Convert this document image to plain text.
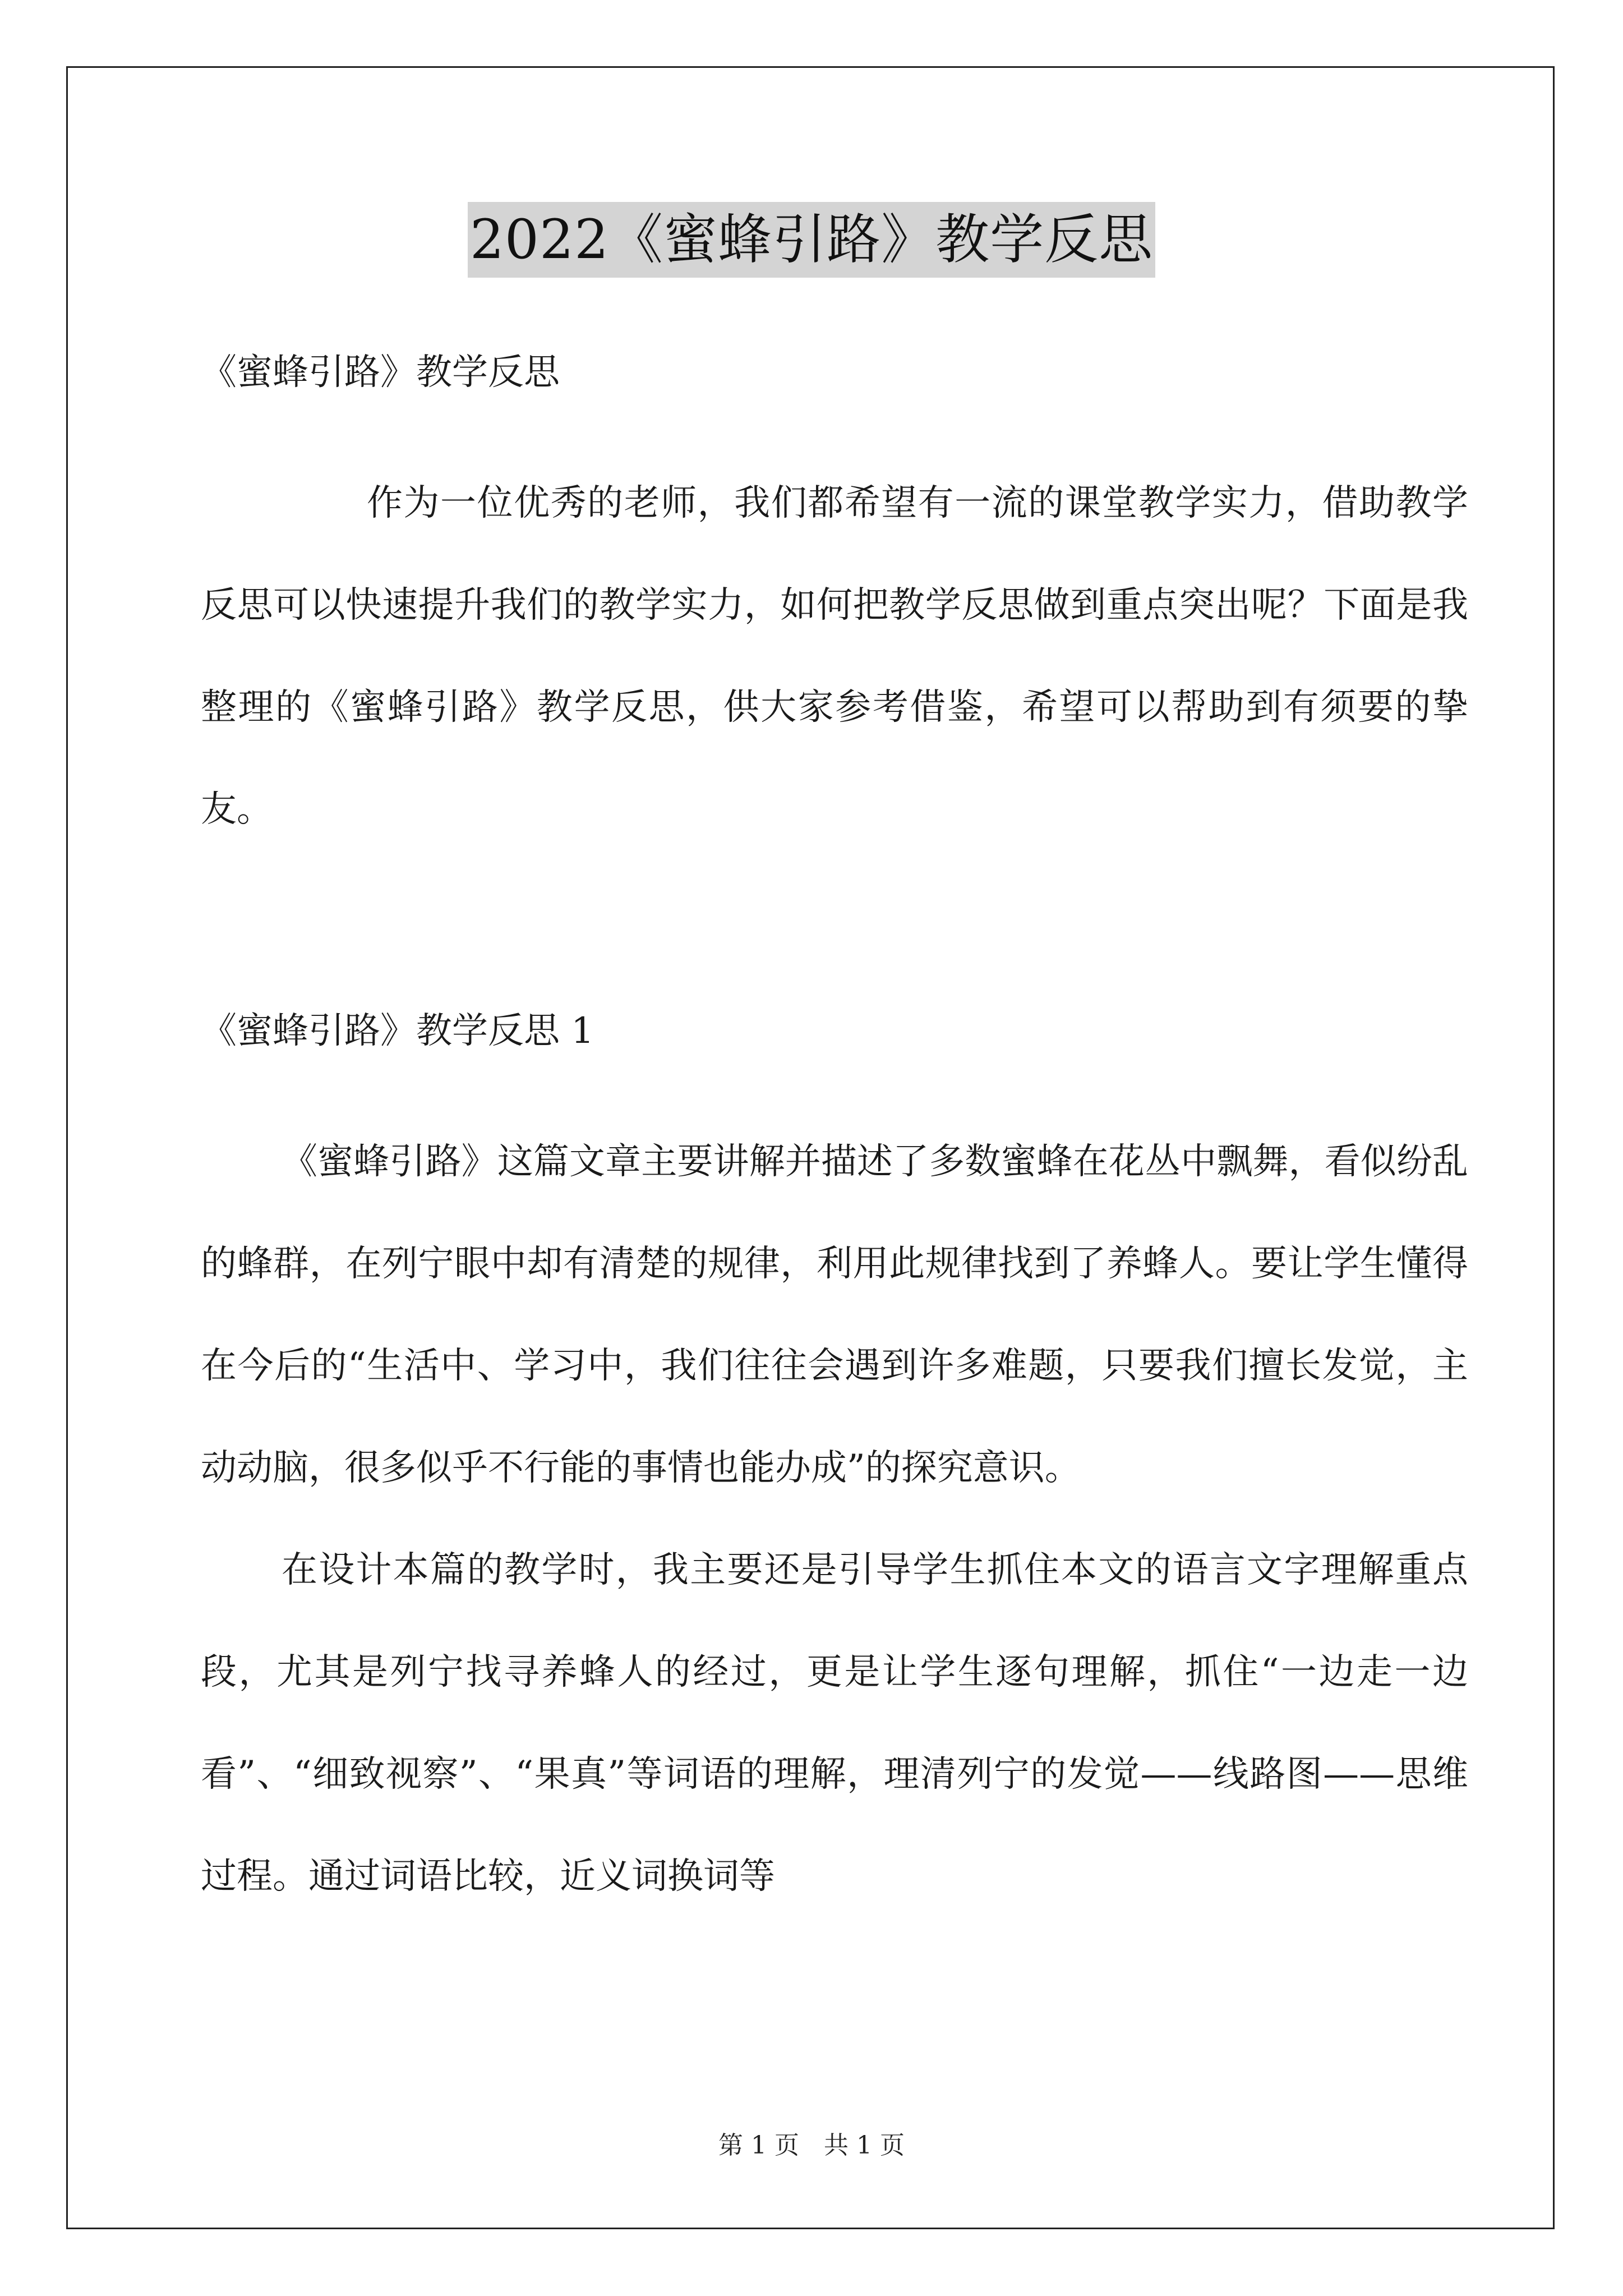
2022《蜜蜂引路》教学反思

《蜜蜂引路》教学反思

作为一位优秀的老师，我们都希望有一流的课堂教学实力，借助教学反思可以快速提升我们的教学实力，如何把教学反思做到重点突出呢？下面是我整理的《蜜蜂引路》教学反思，供大家参考借鉴，希望可以帮助到有须要的挚友。

《蜜蜂引路》教学反思 1

《蜜蜂引路》这篇文章主要讲解并描述了多数蜜蜂在花丛中飘舞，看似纷乱的蜂群，在列宁眼中却有清楚的规律，利用此规律找到了养蜂人。要让学生懂得在今后的“生活中、学习中，我们往往会遇到许多难题，只要我们擅长发觉，主动动脑，很多似乎不行能的事情也能办成”的探究意识。

在设计本篇的教学时，我主要还是引导学生抓住本文的语言文字理解重点段，尤其是列宁找寻养蜂人的经过，更是让学生逐句理解，抓住“一边走一边看”、“细致视察”、“果真”等词语的理解，理清列宁的发觉——线路图——思维过程。通过词语比较，近义词换词等

第 1 页　共 1 页
